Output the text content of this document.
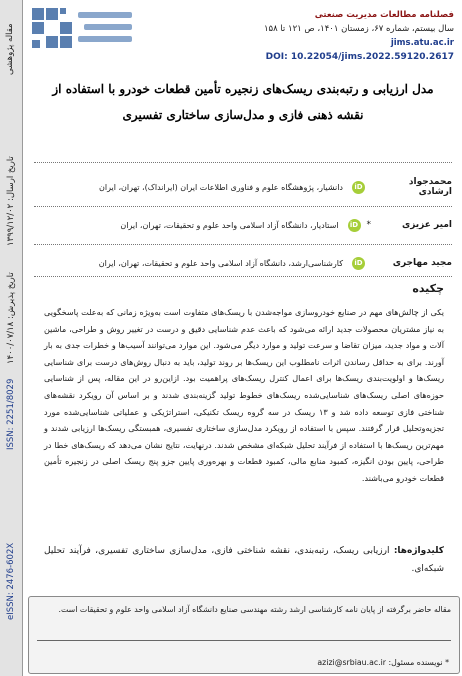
مقاله پژوهشی
تاریخ ارسال: ۱۳۹۹/۱۲/۰۲
تاریخ پذیرش: ۱۴۰۰/۰۷/۱۸
ISSN: 2251/8029
eISSN: 2476-602X
فصلنامه مطالعات مدیریت صنعتی
سال بیستم، شماره ۶۷، زمستان ۱۴۰۱، ص ۱۲۱ تا ۱۵۸
jims.atu.ac.ir
DOI: 10.22054/jims.2022.59120.2617
مدل ارزیابی و رتبه‌بندی ریسک‌های زنجیره تأمین قطعات خودرو با استفاده از نقشه ذهنی فازی و مدل‌سازی ساختاری تفسیری
محمدجواد ارشادی
iD
دانشیار، پژوهشگاه علوم و فناوری اطلاعات ایران (ایرانداک)، تهران، ایران
امیر عزیزی
*
iD
استادیار، دانشگاه آزاد اسلامی واحد علوم و تحقیقات، تهران، ایران
مجید مهاجری
iD
کارشناسی‌ارشد، دانشگاه آزاد اسلامی واحد علوم و تحقیقات، تهران، ایران
چکیده
یکی از چالش‌های مهم در صنایع خودروسازی مواجه‌شدن با ریسک‌های متفاوت است به‌ویژه زمانی که به‌علت پاسخگویی به نیاز مشتریان محصولات جدید ارائه می‌شود که باعث عدم شناسایی دقیق و درست در تغییر روش و طراحی، ماشین آلات و مواد جدید، میزان تقاضا و سرعت تولید و موارد دیگر می‌شود. این موارد می‌توانند آسیب‌ها و خطرات جدی به بار آورند. برای به حداقل رساندن اثرات نامطلوب این ریسک‌ها بر روند تولید، باید به دنبال روش‌های درست برای شناسایی ریسک‌ها و اولویت‌بندی ریسک‌ها برای اعمال کنترل ریسک‌های پراهمیت بود. ازاین‌رو در این مقاله، پس از شناسایی حوزه‌های اصلی ریسک‌های شناسایی‌شده ریسک‌های خطوط تولید گزینه‌بندی شدند و بر اساس آن رویکرد نقشه‌های شناختی فازی توسعه داده شد و ۱۳ ریسک در سه گروه ریسک تکنیکی، استراتژیکی و عملیاتی شناسایی‌شده مورد تجزیه‌وتحلیل قرار گرفتند. سپس با استفاده از رویکرد مدل‌سازی ساختاری تفسیری، همبستگی ریسک‌ها ارزیابی شدند و مهم‌ترین ریسک‌ها با استفاده از فرآیند تحلیل شبکه‌ای مشخص شدند. درنهایت، نتایج نشان می‌دهد که ریسک‌های خطا در طراحی، پایین بودن انگیزه، کمبود منابع مالی، کمبود قطعات و بهره‌وری پایین جزو پنج ریسک اصلی در زنجیره تأمین قطعات خودرو می‌باشند.
کلیدواژه‌ها: ارزیابی ریسک، رتبه‌بندی، نقشه شناختی فازی، مدل‌سازی ساختاری تفسیری، فرآیند تحلیل شبکه‌ای.
مقاله حاضر برگرفته از پایان نامه کارشناسی ارشد رشته مهندسی صنایع دانشگاه آزاد اسلامی واحد علوم و تحقیقات است.
* نویسنده مسئول: azizi@srbiau.ac.ir
